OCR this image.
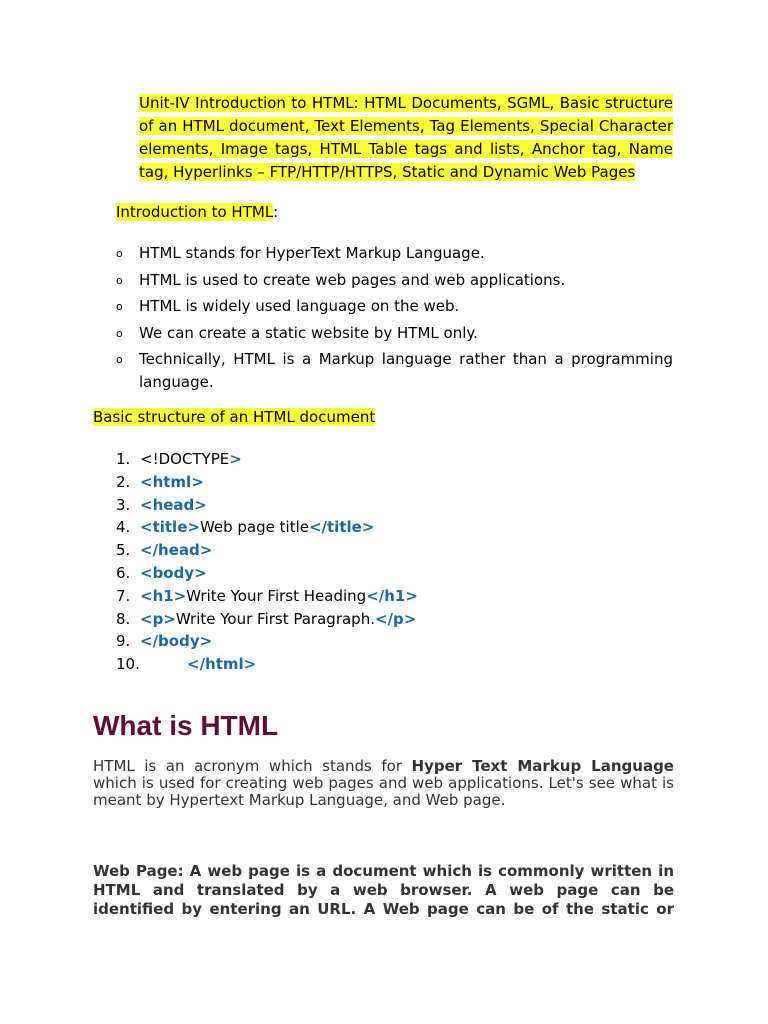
Unit-IV Introduction to HTML: HTML Documents, SGML, Basic structure of an HTML document, Text Elements, Tag Elements, Special Character elements, Image tags, HTML Table tags and lists, Anchor tag, Name tag, Hyperlinks – FTP/HTTP/HTTPS, Static and Dynamic Web Pages
Introduction to HTML:
o HTML stands for HyperText Markup Language.
o HTML is used to create web pages and web applications.
o HTML is widely used language on the web.
o We can create a static website by HTML only.
o Technically, HTML is a Markup language rather than a programming language.
Basic structure of an HTML document
1. <!DOCTYPE>
2. <html>
3. <head>
4. <title>Web page title</title>
5. </head>
6. <body>
7. <h1>Write Your First Heading</h1>
8. <p>Write Your First Paragraph.</p>
9. </body>
10.	</html>
What is HTML

HTML is an acronym which stands for Hyper Text Markup Language which is used for creating web pages and web applications. Let's see what is meant by Hypertext Markup Language, and Web page.

Web Page: A web page is a document which is commonly written in HTML and translated by a web browser. A web page can be identified by entering an URL. A Web page can be of the static or
